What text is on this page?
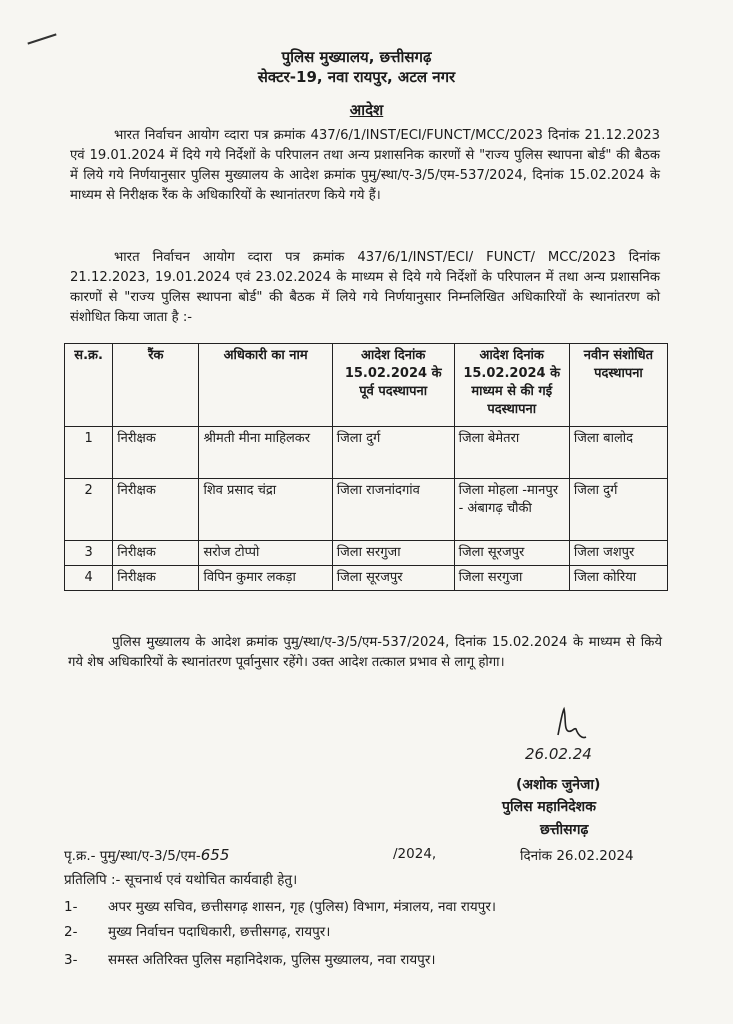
पुलिस मुख्यालय, छत्तीसगढ़
सेक्टर-19, नवा रायपुर, अटल नगर
आदेश
भारत निर्वाचन आयोग व्दारा पत्र क्रमांक 437/6/1/INST/ECI/FUNCT/MCC/2023 दिनांक 21.12.2023 एवं 19.01.2024 में दिये गये निर्देशों के परिपालन तथा अन्य प्रशासनिक कारणों से "राज्य पुलिस स्थापना बोर्ड" की बैठक में लिये गये निर्णयानुसार पुलिस मुख्यालय के आदेश क्रमांक पुमु/स्था/ए-3/5/एम-537/2024, दिनांक 15.02.2024 के माध्यम से निरीक्षक रैंक के अधिकारियों के स्थानांतरण किये गये हैं।
भारत निर्वाचन आयोग व्दारा पत्र क्रमांक 437/6/1/INST/ECI/ FUNCT/ MCC/2023 दिनांक 21.12.2023, 19.01.2024 एवं 23.02.2024 के माध्यम से दिये गये निर्देशों के परिपालन में तथा अन्य प्रशासनिक कारणों से "राज्य पुलिस स्थापना बोर्ड" की बैठक में लिये गये निर्णयानुसार निम्नलिखित अधिकारियों के स्थानांतरण को संशोधित किया जाता है :-
स.क्र.	रैंक	अधिकारी का नाम	आदेश दिनांक 15.02.2024 के पूर्व पदस्थापना	आदेश दिनांक 15.02.2024 के माध्यम से की गई पदस्थापना	नवीन संशोधित पदस्थापना
1	निरीक्षक	श्रीमती मीना माहिलकर	जिला दुर्ग	जिला बेमेतरा	जिला बालोद
2	निरीक्षक	शिव प्रसाद चंद्रा	जिला राजनांदगांव	जिला मोहला -मानपुर - अंबागढ़ चौकी	जिला दुर्ग
3	निरीक्षक	सरोज टोप्पो	जिला सरगुजा	जिला सूरजपुर	जिला जशपुर
4	निरीक्षक	विपिन कुमार लकड़ा	जिला सूरजपुर	जिला सरगुजा	जिला कोरिया
पुलिस मुख्यालय के आदेश क्रमांक पुमु/स्था/ए-3/5/एम-537/2024, दिनांक 15.02.2024 के माध्यम से किये गये शेष अधिकारियों के स्थानांतरण पूर्वानुसार रहेंगे। उक्त आदेश तत्काल प्रभाव से लागू होगा।
26.02.24
(अशोक जुनेजा)
पुलिस महानिदेशक
छत्तीसगढ़
पृ.क्र.- पुमु/स्था/ए-3/5/एम-655	/2024,	दिनांक 26.02.2024
प्रतिलिपि :- सूचनार्थ एवं यथोचित कार्यवाही हेतु।
1- अपर मुख्य सचिव, छत्तीसगढ़ शासन, गृह (पुलिस) विभाग, मंत्रालय, नवा रायपुर।
2- मुख्य निर्वाचन पदाधिकारी, छत्तीसगढ़, रायपुर।
3- समस्त अतिरिक्त पुलिस महानिदेशक, पुलिस मुख्यालय, नवा रायपुर।
